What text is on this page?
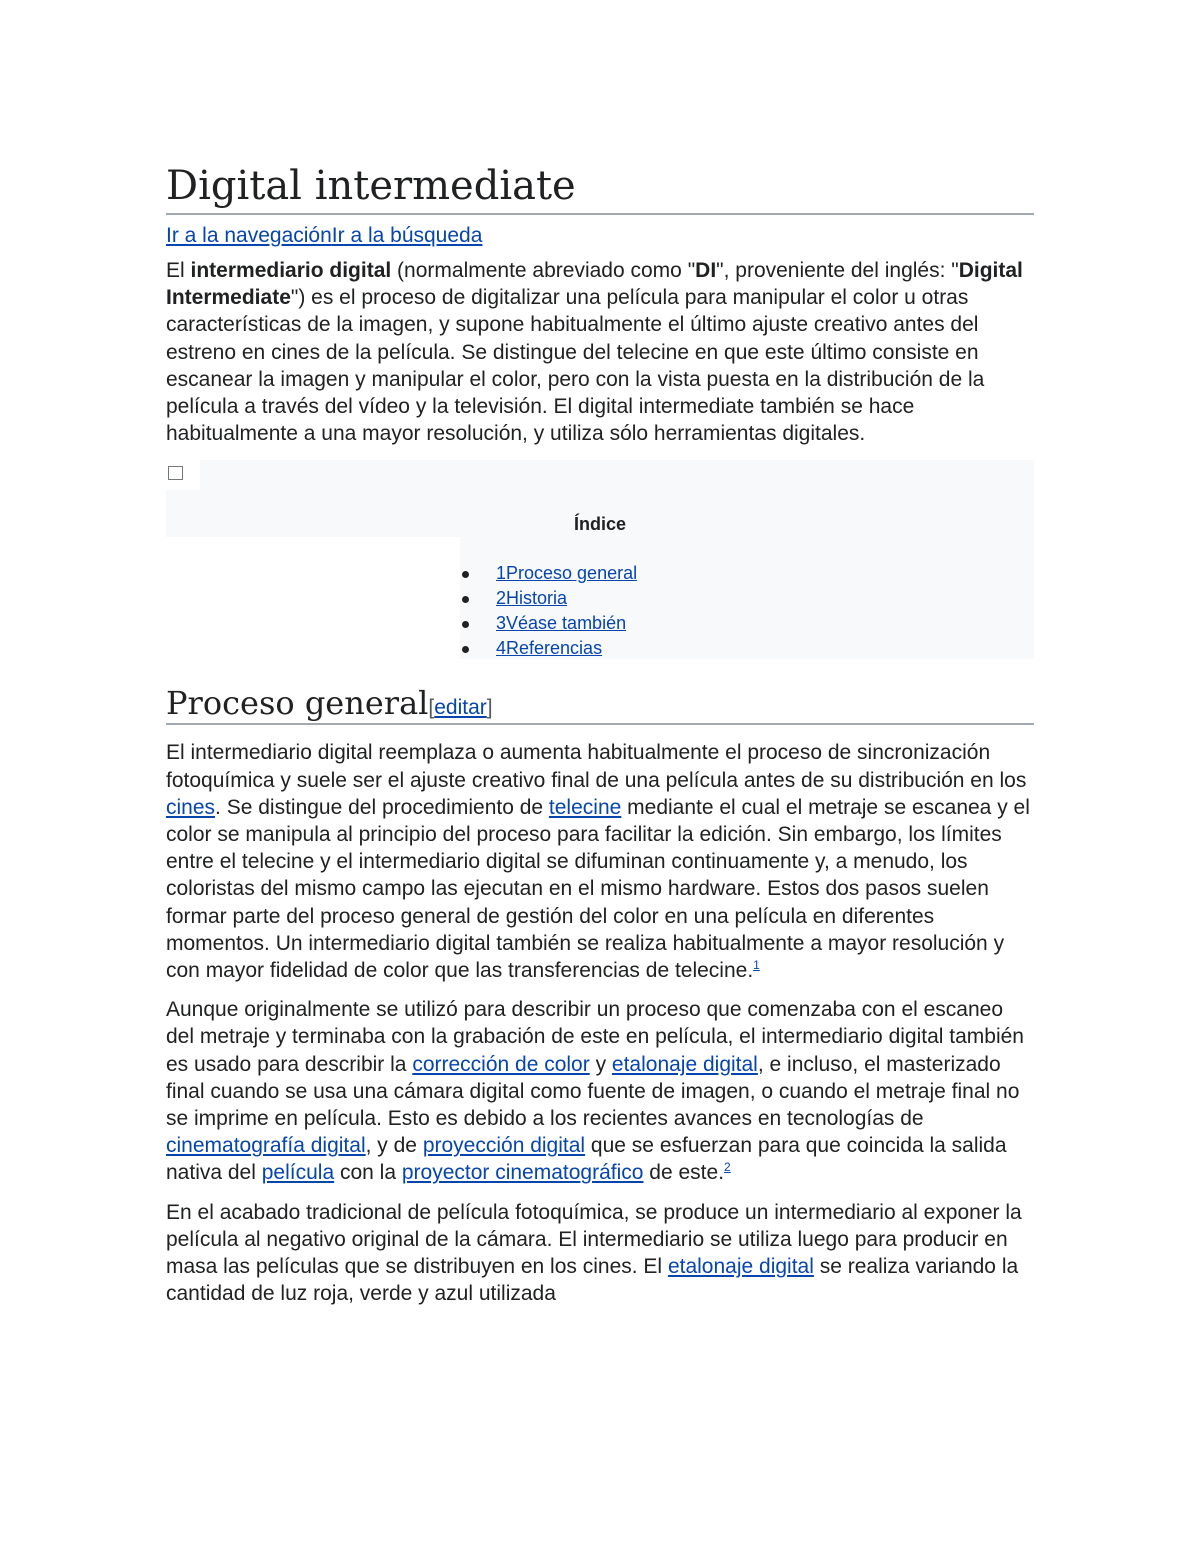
Digital intermediate
Ir a la navegaciónIr a la búsqueda

El intermediario digital (normalmente abreviado como "DI", proveniente del inglés: "Digital Intermediate") es el proceso de digitalizar una película para manipular el color u otras características de la imagen, y supone habitualmente el último ajuste creativo antes del estreno en cines de la película. Se distingue del telecine en que este último consiste en escanear la imagen y manipular el color, pero con la vista puesta en la distribución de la película a través del vídeo y la televisión. El digital intermediate también se hace habitualmente a una mayor resolución, y utiliza sólo herramientas digitales.

Índice
1Proceso general
2Historia
3Véase también
4Referencias
Proceso general[editar]

El intermediario digital reemplaza o aumenta habitualmente el proceso de sincronización fotoquímica y suele ser el ajuste creativo final de una película antes de su distribución en los cines. Se distingue del procedimiento de telecine mediante el cual el metraje se escanea y el color se manipula al principio del proceso para facilitar la edición. Sin embargo, los límites entre el telecine y el intermediario digital se difuminan continuamente y, a menudo, los coloristas del mismo campo las ejecutan en el mismo hardware. Estos dos pasos suelen formar parte del proceso general de gestión del color en una película en diferentes momentos. Un intermediario digital también se realiza habitualmente a mayor resolución y con mayor fidelidad de color que las transferencias de telecine.$^1$

Aunque originalmente se utilizó para describir un proceso que comenzaba con el escaneo del metraje y terminaba con la grabación de este en película, el intermediario digital también es usado para describir la corrección de color y etalonaje digital, e incluso, el masterizado final cuando se usa una cámara digital como fuente de imagen, o cuando el metraje final no se imprime en película. Esto es debido a los recientes avances en tecnologías de cinematografía digital, y de proyección digital que se esfuerzan para que coincida la salida nativa del película con la proyector cinematográfico de este.$^2$

En el acabado tradicional de película fotoquímica, se produce un intermediario al exponer la película al negativo original de la cámara. El intermediario se utiliza luego para producir en masa las películas que se distribuyen en los cines. El etalonaje digital se realiza variando la cantidad de luz roja, verde y azul utilizada
